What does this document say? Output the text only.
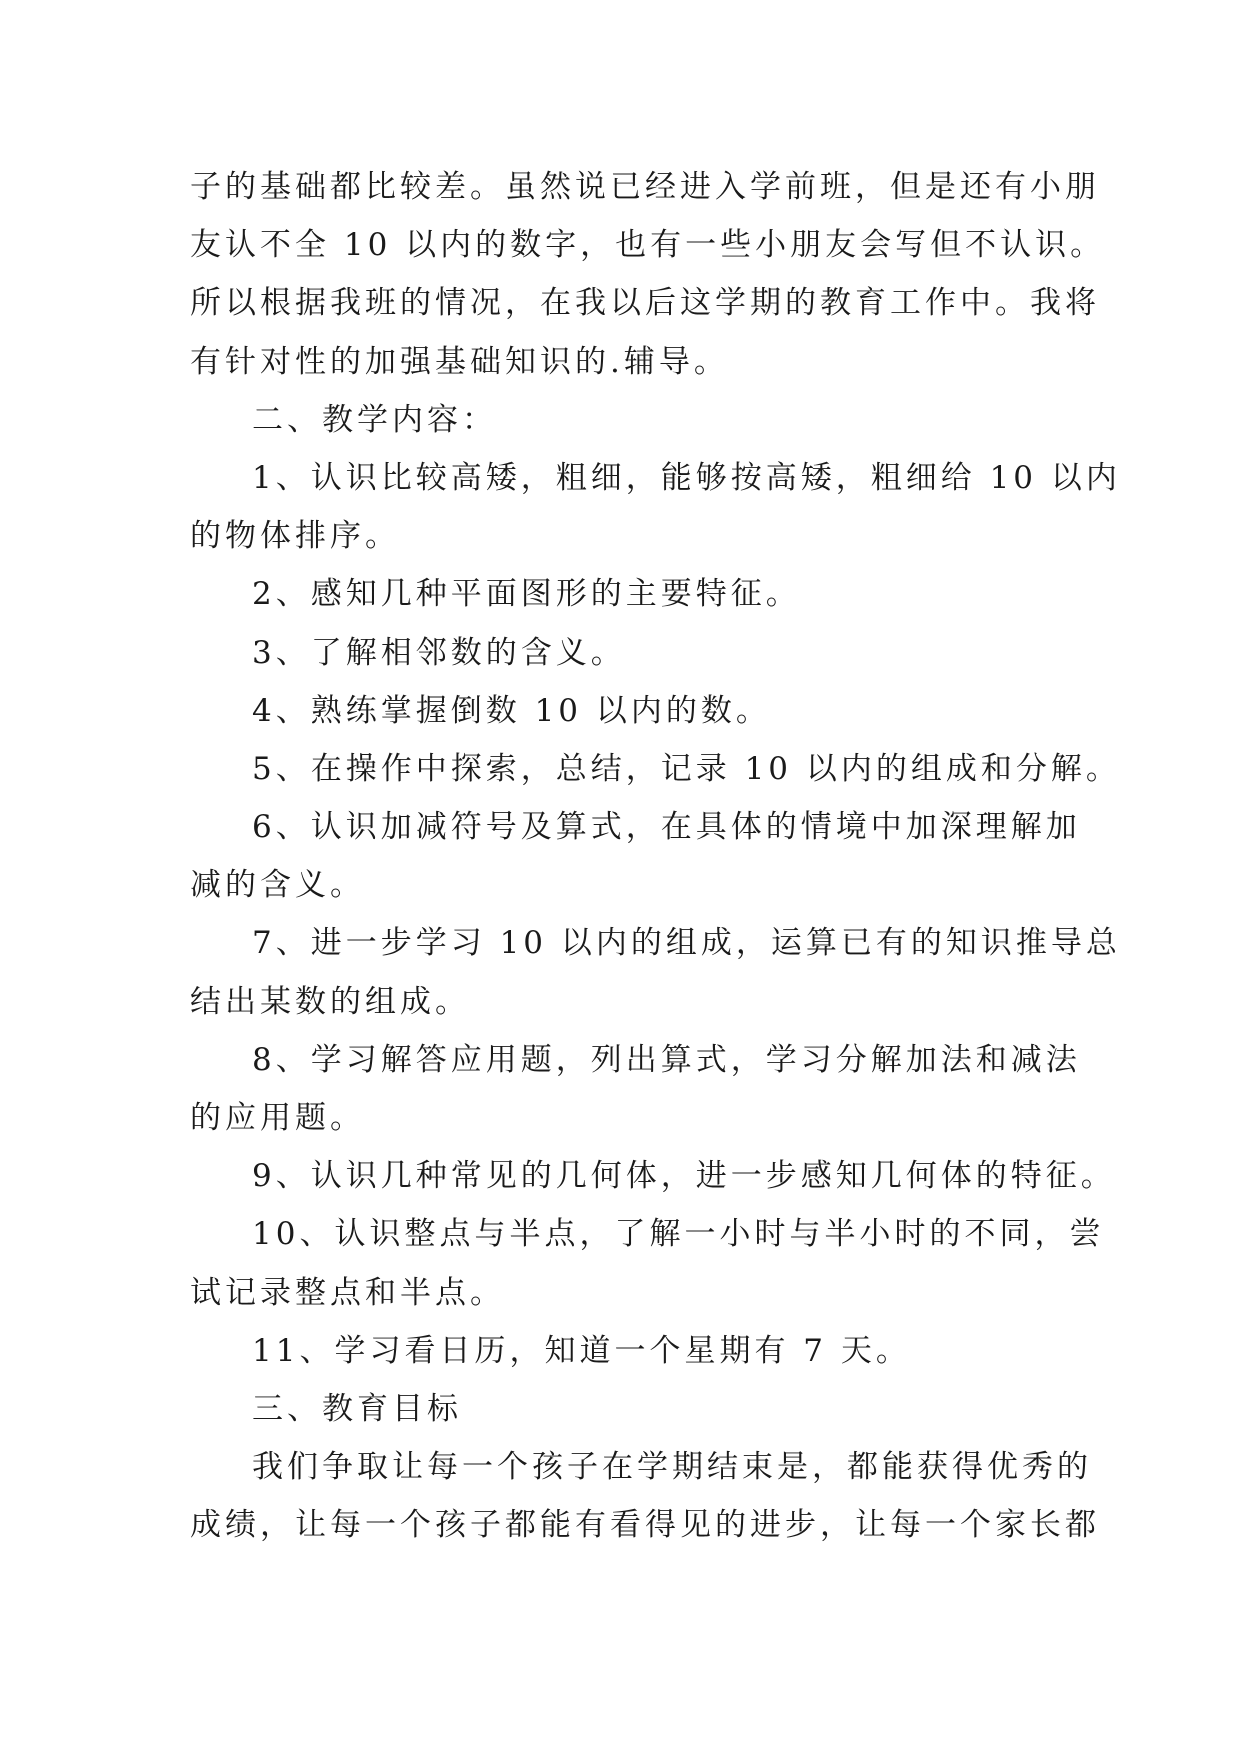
子的基础都比较差。虽然说已经进入学前班，但是还有小朋

友认不全 10 以内的数字，也有一些小朋友会写但不认识。

所以根据我班的情况，在我以后这学期的教育工作中。我将

有针对性的加强基础知识的.辅导。

二、教学内容：

1、认识比较高矮，粗细，能够按高矮，粗细给 10 以内

的物体排序。

2、感知几种平面图形的主要特征。

3、了解相邻数的含义。

4、熟练掌握倒数 10 以内的数。

5、在操作中探索，总结，记录 10 以内的组成和分解。

6、认识加减符号及算式，在具体的情境中加深理解加

减的含义。

7、进一步学习 10 以内的组成，运算已有的知识推导总

结出某数的组成。

8、学习解答应用题，列出算式，学习分解加法和减法

的应用题。

9、认识几种常见的几何体，进一步感知几何体的特征。

10、认识整点与半点，了解一小时与半小时的不同，尝

试记录整点和半点。

11、学习看日历，知道一个星期有 7 天。

三、教育目标

我们争取让每一个孩子在学期结束是，都能获得优秀的

成绩，让每一个孩子都能有看得见的进步，让每一个家长都
